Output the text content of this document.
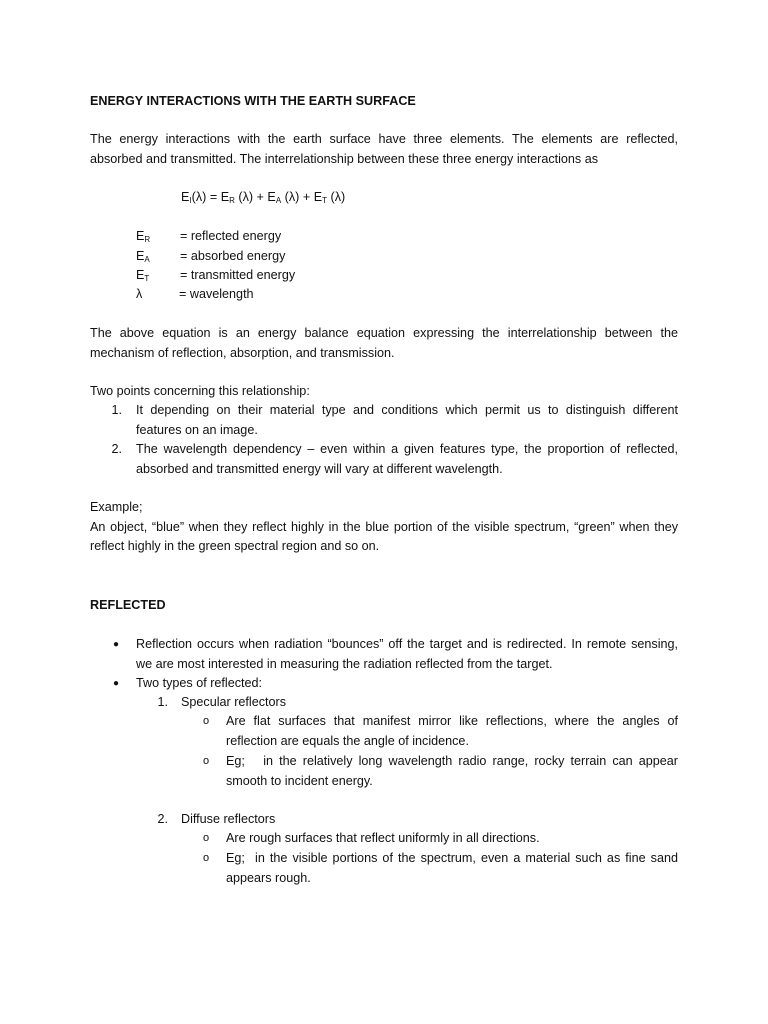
ENERGY INTERACTIONS WITH THE EARTH SURFACE
The energy interactions with the earth surface have three elements. The elements are reflected,
absorbed and transmitted. The interrelationship between these three energy interactions as
$E_I(\lambda) = E_R$ $(\lambda) + E_A$ $(\lambda) + E_T$ (λ)
$E_R$ = reflected energy
$E_A$ = absorbed energy
$E_T$ = transmitted energy
λ	= wavelength
The above equation is an energy balance equation expressing the interrelationship between the
mechanism of reflection, absorption, and transmission.
Two points concerning this relationship:
1. It depending on their material type and conditions which permit us to distinguish different
features on an image.
2. The wavelength dependency – even within a given features type, the proportion of reflected,
absorbed and transmitted energy will vary at different wavelength.
Example;
An object, “blue” when they reflect highly in the blue portion of the visible spectrum, “green” when they
reflect highly in the green spectral region and so on.
REFLECTED
● Reflection occurs when radiation “bounces” off the target and is redirected. In remote sensing,
we are most interested in measuring the radiation reflected from the target.
● Two types of reflected:
1. Specular reflectors
o Are flat surfaces that manifest mirror like reflections, where the angles of
reflection are equals the angle of incidence.
o Eg;   in the relatively long wavelength radio range, rocky terrain can appear
smooth to incident energy.
2. Diffuse reflectors
o Are rough surfaces that reflect uniformly in all directions.
o Eg;  in the visible portions of the spectrum, even a material such as fine sand
appears rough.
